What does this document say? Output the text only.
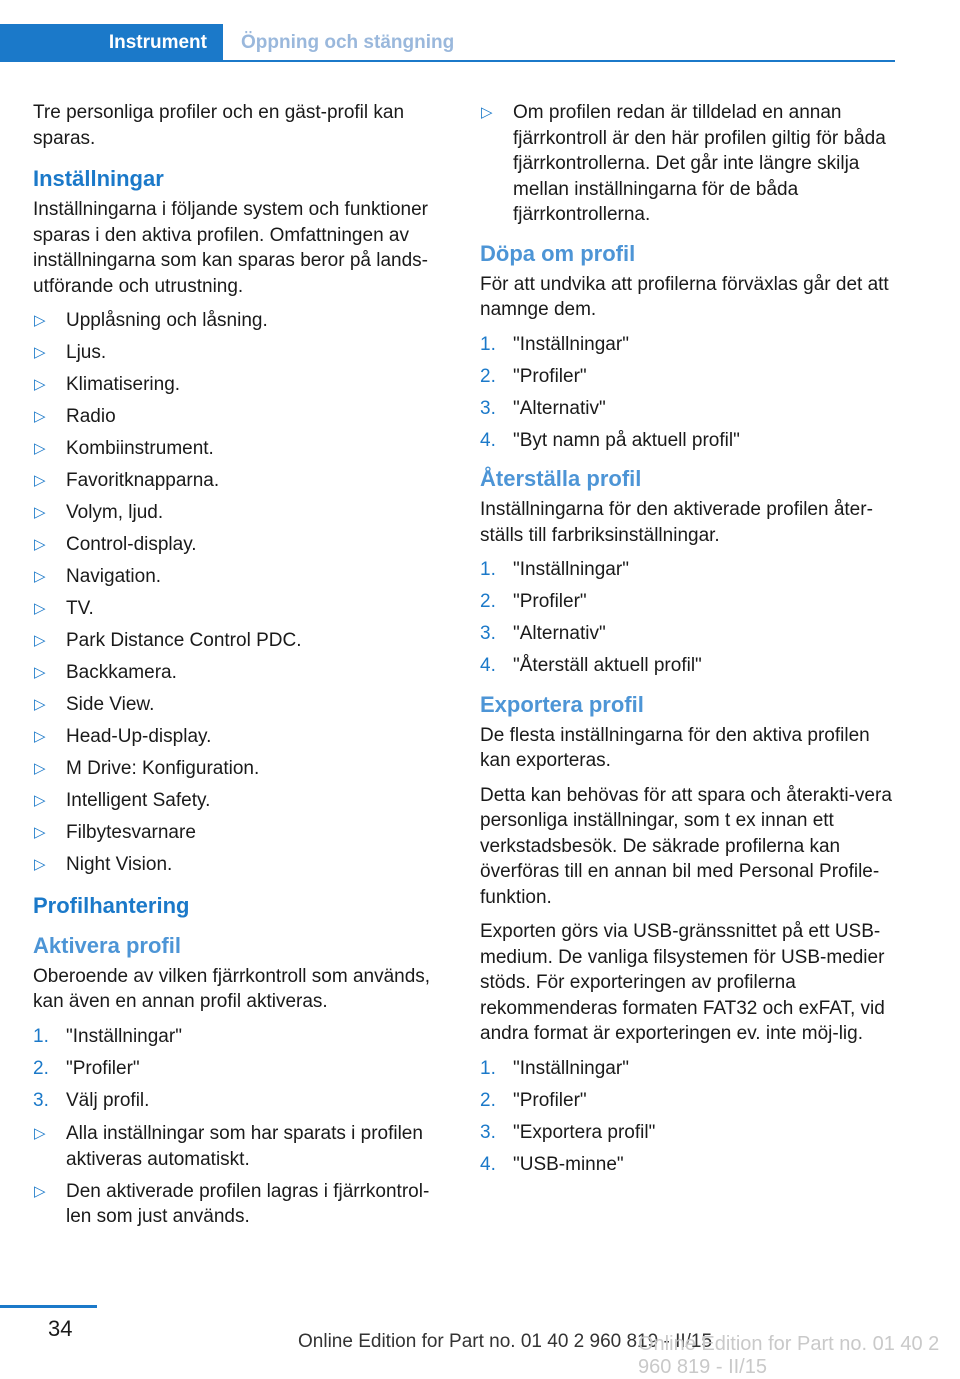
Instrument	Öppning och stängning

Tre personliga profiler och en gäst-profil kan sparas.

Inställningar

Inställningarna i följande system och funktioner sparas i den aktiva profilen. Omfattningen av inställningarna som kan sparas beror på lands-utförande och utrustning.

▷ Upplåsning och låsning.
▷ Ljus.
▷ Klimatisering.
▷ Radio
▷ Kombiinstrument.
▷ Favoritknapparna.
▷ Volym, ljud.
▷ Control-display.
▷ Navigation.
▷ TV.
▷ Park Distance Control PDC.
▷ Backkamera.
▷ Side View.
▷ Head-Up-display.
▷ M Drive: Konfiguration.
▷ Intelligent Safety.
▷ Filbytesvarnare
▷ Night Vision.
Profilhantering
Aktivera profil

Oberoende av vilken fjärrkontroll som används, kan även en annan profil aktiveras.

1. "Inställningar"
2. "Profiler"
3. Välj profil.
▷ Alla inställningar som har sparats i profilen aktiveras automatiskt.
▷ Den aktiverade profilen lagras i fjärrkontrol-len som just används.
▷ Om profilen redan är tilldelad en annan fjärrkontroll är den här profilen giltig för båda fjärrkontrollerna. Det går inte längre skilja mellan inställningarna för de båda fjärrkontrollerna.
Döpa om profil

För att undvika att profilerna förväxlas går det att namnge dem.

1. "Inställningar"
2. "Profiler"
3. "Alternativ"
4. "Byt namn på aktuell profil"
Återställa profil

Inställningarna för den aktiverade profilen åter-ställs till farbriksinställningar.

1. "Inställningar"
2. "Profiler"
3. "Alternativ"
4. "Återställ aktuell profil"
Exportera profil

De flesta inställningarna för den aktiva profilen kan exporteras.

Detta kan behövas för att spara och återakti-vera personliga inställningar, som t ex innan ett verkstadsbesök. De säkrade profilerna kan överföras till en annan bil med Personal Profile-funktion.

Exporten görs via USB-gränssnittet på ett USB-medium. De vanliga filsystemen för USB-medier stöds. För exporteringen av profilerna rekommenderas formaten FAT32 och exFAT, vid andra format är exporteringen ev. inte möj-lig.

1. "Inställningar"
2. "Profiler"
3. "Exportera profil"
4. "USB-minne"
34
Online Edition for Part no. 01 40 2 960 819 - II/15
Online Edition for Part no. 01 40 2 960 819 - II/15
